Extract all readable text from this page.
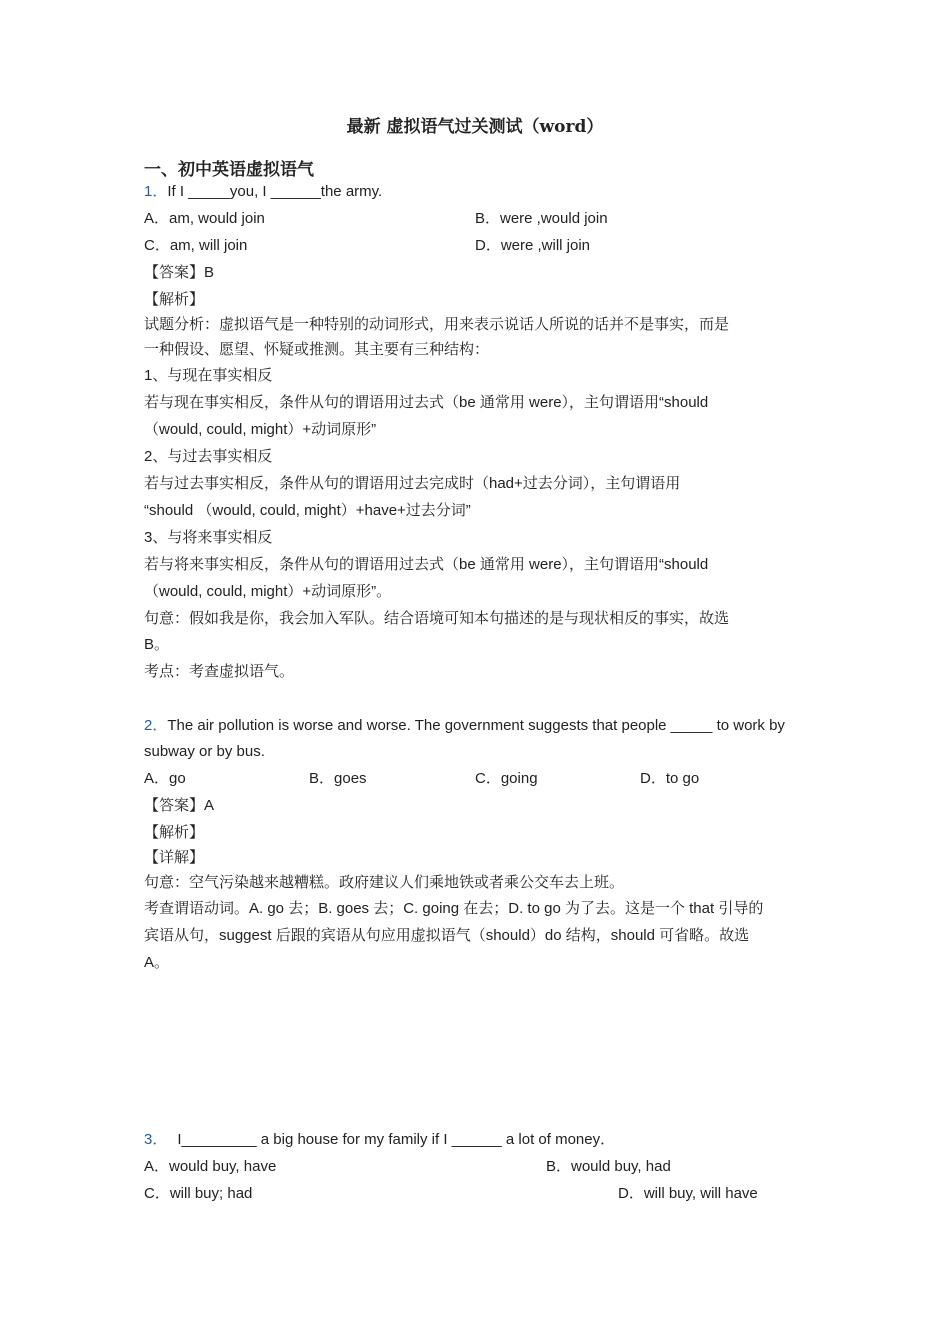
最新 虚拟语气过关测试（word）
一、初中英语虚拟语气
1．If I _____you, I ______the army.
A．am, would join	B．were ,would join
C．am, will join	D．were ,will join
【答案】B
【解析】
试题分析：虚拟语气是一种特别的动词形式，用来表示说话人所说的话并不是事实，而是
一种假设、愿望、怀疑或推测。其主要有三种结构：
1、与现在事实相反
若与现在事实相反，条件从句的谓语用过去式（be 通常用 were），主句谓语用“should
（would, could, might）+动词原形”
2、与过去事实相反
若与过去事实相反，条件从句的谓语用过去完成时（had+过去分词），主句谓语用
“should （would, could, might）+have+过去分词”
3、与将来事实相反
若与将来事实相反，条件从句的谓语用过去式（be 通常用 were），主句谓语用“should
（would, could, might）+动词原形”。
句意：假如我是你，我会加入军队。结合语境可知本句描述的是与现状相反的事实，故选
B。
考点：考查虚拟语气。
2．The air pollution is worse and worse. The government suggests that people _____ to work by
subway or by bus.
A．go	B．goes	C．going	D．to go
【答案】A
【解析】
【详解】
句意：空气污染越来越糟糕。政府建议人们乘地铁或者乘公交车去上班。
考查谓语动词。A. go 去；B. goes 去；C. going 在去；D. to go 为了去。这是一个 that 引导的
宾语从句，suggest 后跟的宾语从句应用虚拟语气（should）do 结构，should 可省略。故选
A。
3． I_________ a big house for my family if I ______ a lot of money．
A．would buy, have	B．would buy, had
C．will buy; had	D．will buy, will have
